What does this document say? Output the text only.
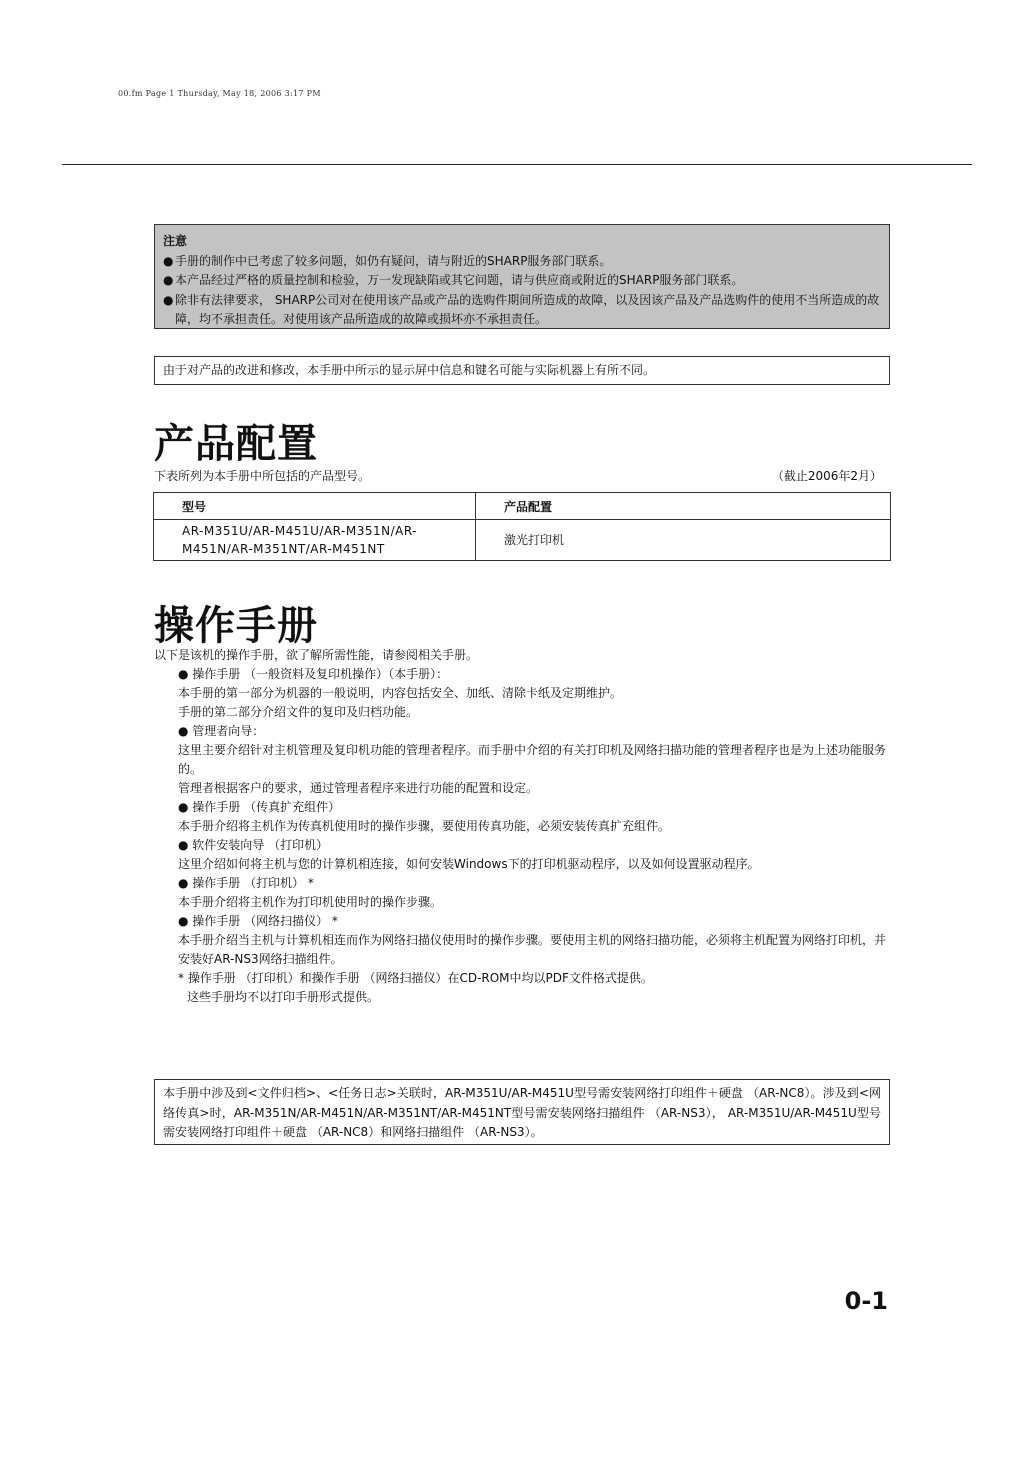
00.fm Page 1 Thursday, May 18, 2006 3:17 PM
注意
● 手册的制作中已考虑了较多问题，如仍有疑问，请与附近的SHARP服务部门联系。
● 本产品经过严格的质量控制和检验，万一发现缺陷或其它问题，请与供应商或附近的SHARP服务部门联系。
● 除非有法律要求， SHARP公司对在使用该产品或产品的选购件期间所造成的故障，以及因该产品及产品选购件的使用不当所造成的故障，均不承担责任。对使用该产品所造成的故障或损坏亦不承担责任。
由于对产品的改进和修改，本手册中所示的显示屏中信息和键名可能与实际机器上有所不同。
产品配置
下表所列为本手册中所包括的产品型号。	（截止2006年2月）
型号	产品配置
AR-M351U/AR-M451U/AR-M351N/AR-M451N/AR-M351NT/AR-M451NT	激光打印机
操作手册
以下是该机的操作手册，欲了解所需性能，请参阅相关手册。
● 操作手册 （一般资料及复印机操作）（本手册）：
本手册的第一部分为机器的一般说明，内容包括安全、加纸、清除卡纸及定期维护。
手册的第二部分介绍文件的复印及归档功能。
● 管理者向导：
这里主要介绍针对主机管理及复印机功能的管理者程序。而手册中介绍的有关打印机及网络扫描功能的管理者程序也是为上述功能服务的。
管理者根据客户的要求，通过管理者程序来进行功能的配置和设定。
● 操作手册 （传真扩充组件）
本手册介绍将主机作为传真机使用时的操作步骤，要使用传真功能，必须安装传真扩充组件。
● 软件安装向导 （打印机）
这里介绍如何将主机与您的计算机相连接，如何安装Windows下的打印机驱动程序，以及如何设置驱动程序。
● 操作手册 （打印机） *
本手册介绍将主机作为打印机使用时的操作步骤。
● 操作手册 （网络扫描仪） *
本手册介绍当主机与计算机相连而作为网络扫描仪使用时的操作步骤。要使用主机的网络扫描功能，必须将主机配置为网络打印机，并安装好AR-NS3网络扫描组件。
* 操作手册 （打印机）和操作手册 （网络扫描仪）在CD-ROM中均以PDF文件格式提供。
这些手册均不以打印手册形式提供。
本手册中涉及到<文件归档>、<任务日志>关联时，AR-M351U/AR-M451U型号需安装网络打印组件＋硬盘 （AR-NC8）。涉及到<网络传真>时，AR-M351N/AR-M451N/AR-M351NT/AR-M451NT型号需安装网络扫描组件 （AR-NS3）， AR-M351U/AR-M451U型号需安装网络打印组件＋硬盘 （AR-NC8）和网络扫描组件 （AR-NS3）。
0-1
